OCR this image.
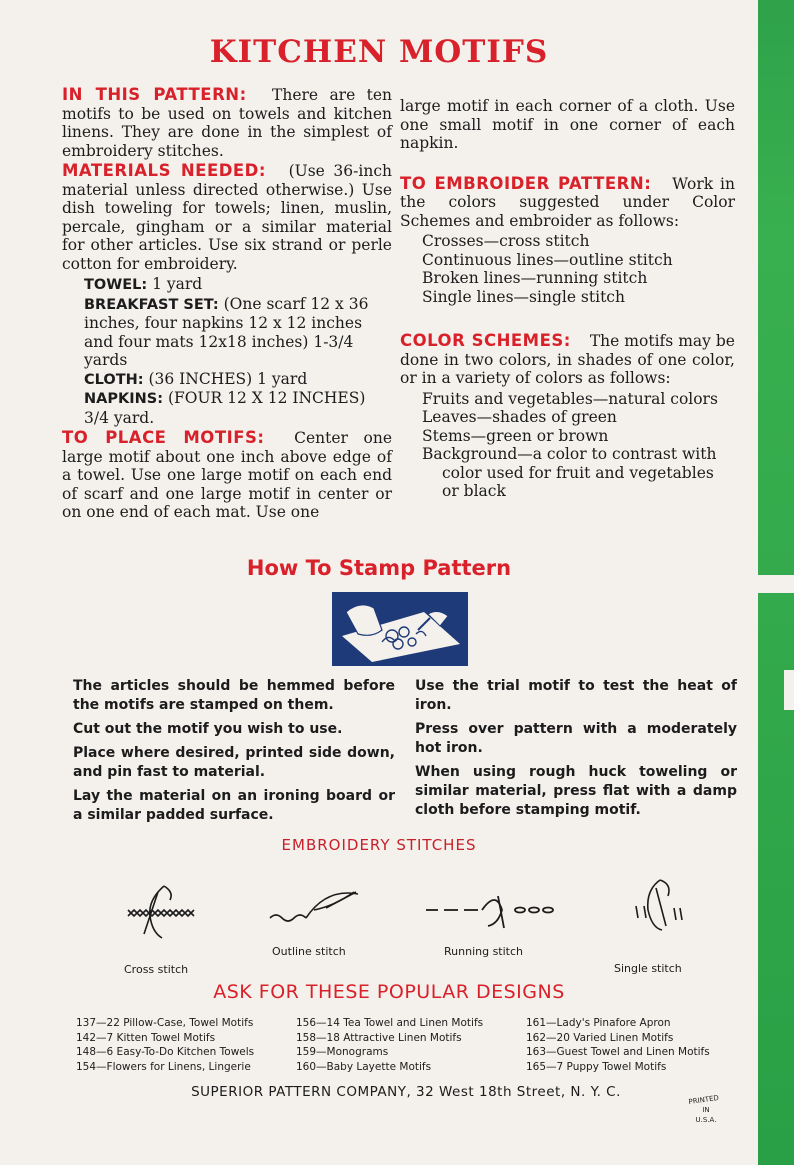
KITCHEN MOTIFS
IN THIS PATTERN: There are ten motifs to be used on towels and kitchen linens. They are done in the simplest of embroidery stitches.
MATERIALS NEEDED: (Use 36-inch material unless directed otherwise.) Use dish toweling for towels; linen, muslin, percale, gingham or a similar material for other articles. Use six strand or perle cotton for embroidery.
TOWEL: 1 yard
BREAKFAST SET: (One scarf 12 x 36 inches, four napkins 12 x 12 inches and four mats 12x18 inches) 1-3/4 yards
CLOTH: (36 INCHES) 1 yard
NAPKINS: (FOUR 12 X 12 INCHES) 3/4 yard.
TO PLACE MOTIFS: Center one large motif about one inch above edge of a towel. Use one large motif on each end of scarf and one large motif in center or on one end of each mat. Use one
large motif in each corner of a cloth. Use one small motif in one corner of each napkin.
TO EMBROIDER PATTERN: Work in the colors suggested under Color Schemes and embroider as follows:
Crosses—cross stitch
Continuous lines—outline stitch
Broken lines—running stitch
Single lines—single stitch
COLOR SCHEMES: The motifs may be done in two colors, in shades of one color, or in a variety of colors as follows:
Fruits and vegetables—natural colors
Leaves—shades of green
Stems—green or brown
Background—a color to contrast with
color used for fruit and vegetables
or black
How To Stamp Pattern

The articles should be hemmed before the motifs are stamped on them.

Cut out the motif you wish to use.

Place where desired, printed side down, and pin fast to material.

Lay the material on an ironing board or a similar padded surface.

Use the trial motif to test the heat of iron.

Press over pattern with a moderately hot iron.

When using rough huck toweling or similar material, press flat with a damp cloth before stamping motif.

EMBROIDERY STITCHES
Cross stitch
Outline stitch	Running stitch
Single stitch
ASK FOR THESE POPULAR DESIGNS
137—22 Pillow-Case, Towel Motifs
142—7 Kitten Towel Motifs
148—6 Easy-To-Do Kitchen Towels
154—Flowers for Linens, Lingerie
156—14 Tea Towel and Linen Motifs
158—18 Attractive Linen Motifs
159—Monograms
160—Baby Layette Motifs
161—Lady's Pinafore Apron
162—20 Varied Linen Motifs
163—Guest Towel and Linen Motifs
165—7 Puppy Towel Motifs
SUPERIOR PATTERN COMPANY, 32 West 18th Street, N. Y. C.
PRINTED
IN
U.S.A.
